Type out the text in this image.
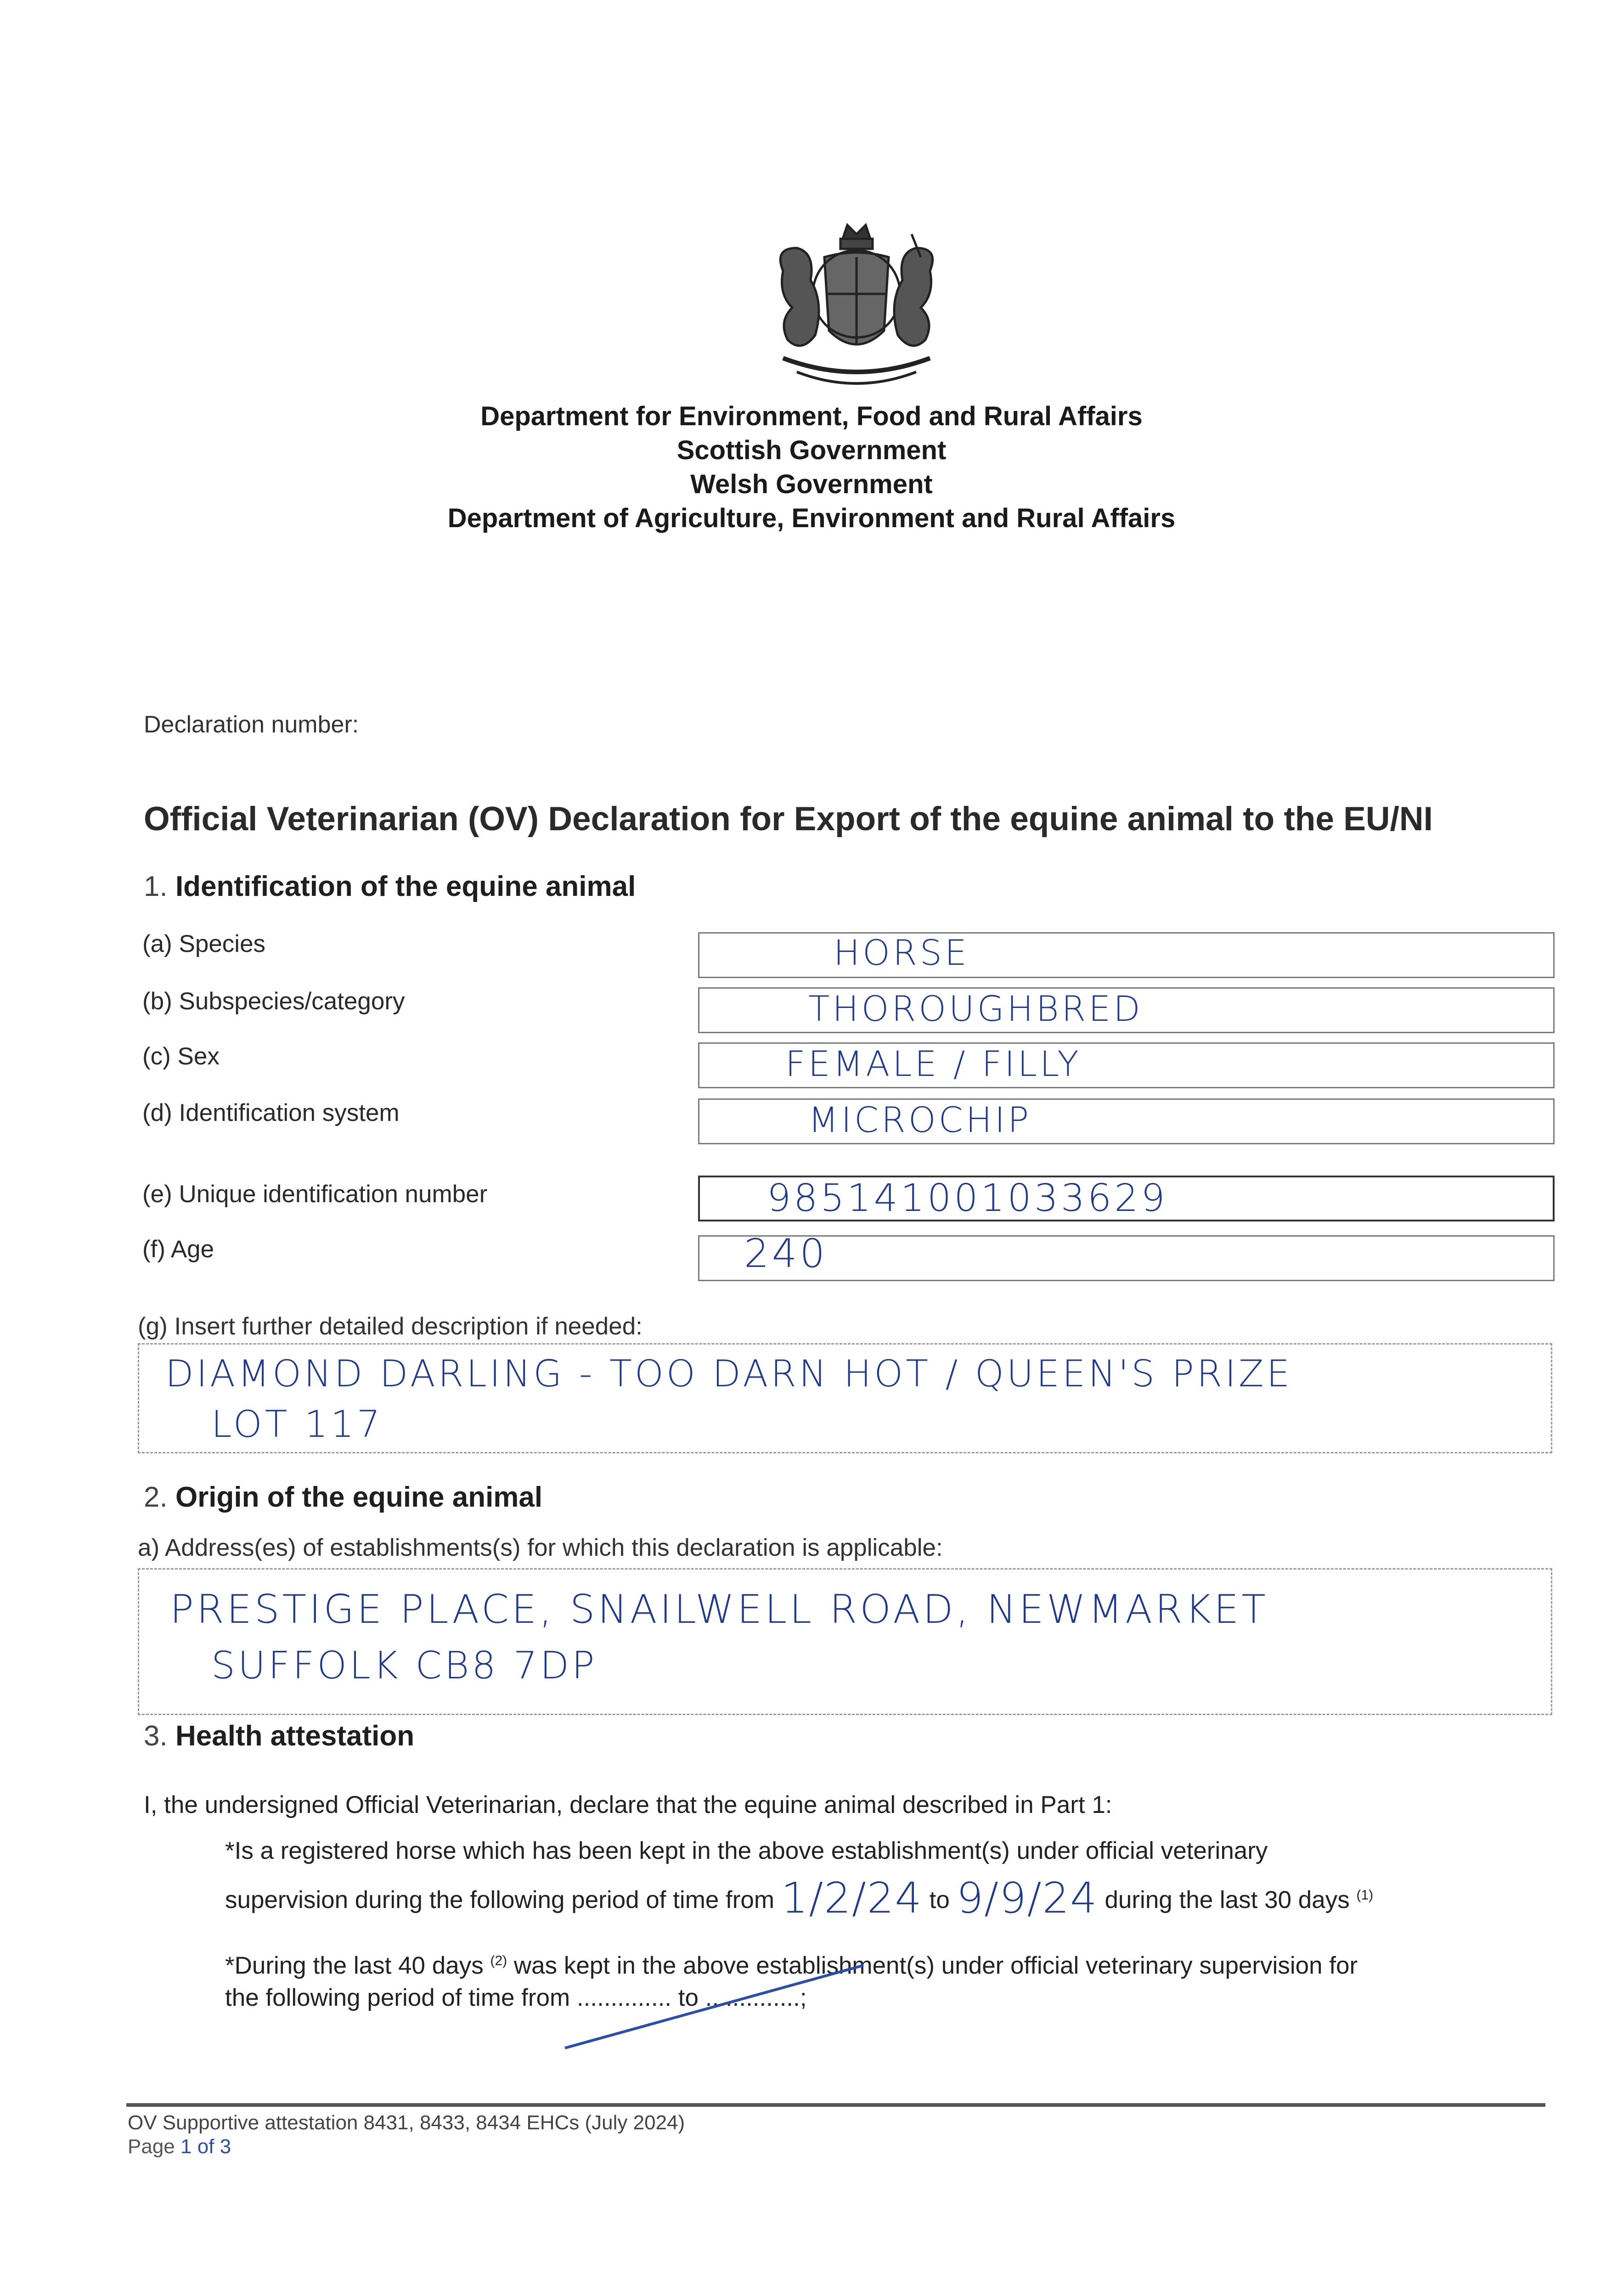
Department for Environment, Food and Rural Affairs
Scottish Government
Welsh Government
Department of Agriculture, Environment and Rural Affairs
Declaration number:
Official Veterinarian (OV) Declaration for Export of the equine animal to the EU/NI
1. Identification of the equine animal
(a) Species	HORSE
(b) Subspecies/category	THOROUGHBRED
(c) Sex	FEMALE / FILLY
(d) Identification system	MICROCHIP
(e) Unique identification number	985141001033629
(f) Age	240
(g) Insert further detailed description if needed:
DIAMOND DARLING - TOO DARN HOT / QUEEN'S PRIZE
LOT 117
2. Origin of the equine animal
a) Address(es) of establishments(s) for which this declaration is applicable:
PRESTIGE PLACE, SNAILWELL ROAD, NEWMARKET
SUFFOLK CB8 7DP
3. Health attestation
I, the undersigned Official Veterinarian, declare that the equine animal described in Part 1:
*Is a registered horse which has been kept in the above establishment(s) under official veterinary
supervision during the following period of time from 1/2/24 to 9/9/24 during the last 30 days $^{(1)}$
*During the last 40 days $^{(2)}$ was kept in the above establishment(s) under official veterinary supervision for
the following period of time from .............. to ..............;
OV Supportive attestation 8431, 8433, 8434 EHCs (July 2024)
Page 1 of 3
